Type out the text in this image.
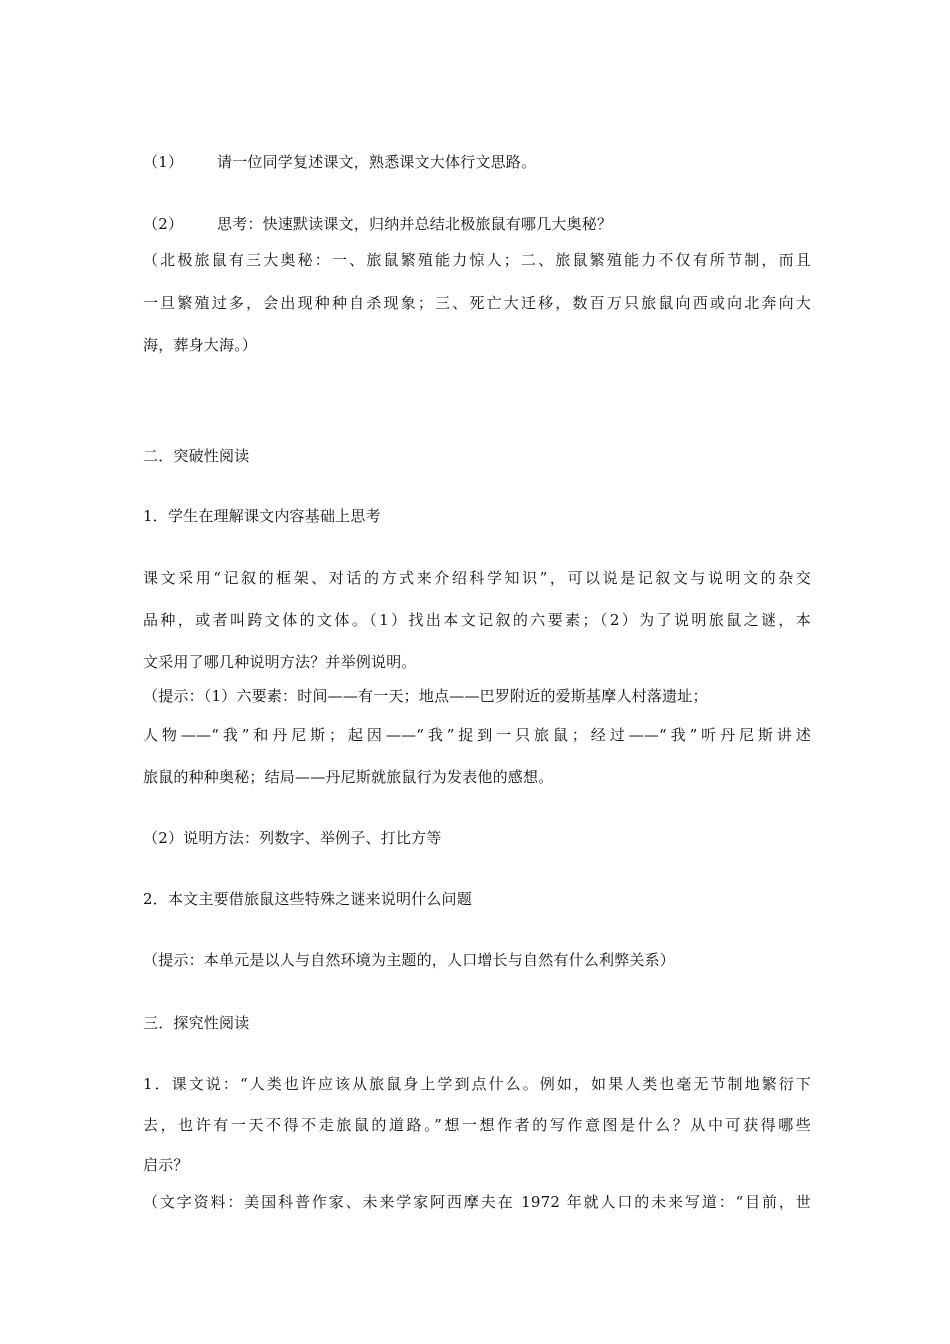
（1） 请一位同学复述课文，熟悉课文大体行文思路。
（2） 思考：快速默读课文，归纳并总结北极旅鼠有哪几大奥秘？
（北极旅鼠有三大奥秘：一、旅鼠繁殖能力惊人；二、旅鼠繁殖能力不仅有所节制，而且
一旦繁殖过多，会出现种种自杀现象；三、死亡大迁移，数百万只旅鼠向西或向北奔向大
海，葬身大海。）
二．突破性阅读
1．学生在理解课文内容基础上思考
课文采用“记叙的框架、对话的方式来介绍科学知识”，可以说是记叙文与说明文的杂交
品种，或者叫跨文体的文体。（1）找出本文记叙的六要素；（2）为了说明旅鼠之谜，本
文采用了哪几种说明方法？并举例说明。
（提示：（1）六要素：时间——有一天；地点——巴罗附近的爱斯基摩人村落遗址；
人物——“我”和丹尼斯；起因——“我”捉到一只旅鼠；经过——“我”听丹尼斯讲述
旅鼠的种种奥秘；结局——丹尼斯就旅鼠行为发表他的感想。
（2）说明方法：列数字、举例子、打比方等
2．本文主要借旅鼠这些特殊之谜来说明什么问题
（提示：本单元是以人与自然环境为主题的，人口增长与自然有什么利弊关系）
三．探究性阅读
1．课文说：“人类也许应该从旅鼠身上学到点什么。例如，如果人类也毫无节制地繁衍下
去，也许有一天不得不走旅鼠的道路。”想一想作者的写作意图是什么？从中可获得哪些
启示？
（文字资料：美国科普作家、未来学家阿西摩夫在 1972 年就人口的未来写道：“目前，世
